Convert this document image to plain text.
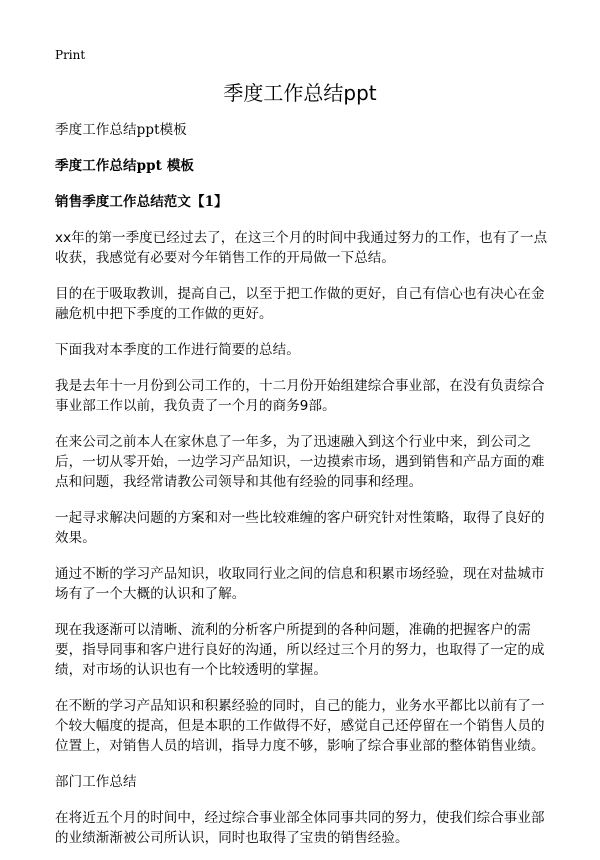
Print
季度工作总结ppt

季度工作总结ppt模板

季度工作总结ppt 模板

销售季度工作总结范文【1】

xx年的第一季度已经过去了，在这三个月的时间中我通过努力的工作，也有了一点收获，我感觉有必要对今年销售工作的开局做一下总结。

目的在于吸取教训，提高自己，以至于把工作做的更好，自己有信心也有决心在金融危机中把下季度的工作做的更好。

下面我对本季度的工作进行简要的总结。

我是去年十一月份到公司工作的，十二月份开始组建综合事业部，在没有负责综合事业部工作以前，我负责了一个月的商务9部。

在来公司之前本人在家休息了一年多，为了迅速融入到这个行业中来，到公司之后，一切从零开始，一边学习产品知识，一边摸索市场，遇到销售和产品方面的难点和问题，我经常请教公司领导和其他有经验的同事和经理。

一起寻求解决问题的方案和对一些比较难缠的客户研究针对性策略，取得了良好的效果。

通过不断的学习产品知识，收取同行业之间的信息和积累市场经验，现在对盐城市场有了一个大概的认识和了解。

现在我逐渐可以清晰、流利的分析客户所提到的各种问题，准确的把握客户的需要，指导同事和客户进行良好的沟通，所以经过三个月的努力，也取得了一定的成绩，对市场的认识也有一个比较透明的掌握。

在不断的学习产品知识和积累经验的同时，自己的能力，业务水平都比以前有了一个较大幅度的提高，但是本职的工作做得不好，感觉自己还停留在一个销售人员的位置上，对销售人员的培训，指导力度不够，影响了综合事业部的整体销售业绩。

部门工作总结

在将近五个月的时间中，经过综合事业部全体同事共同的努力，使我们综合事业部的业绩渐渐被公司所认识，同时也取得了宝贵的销售经验。
